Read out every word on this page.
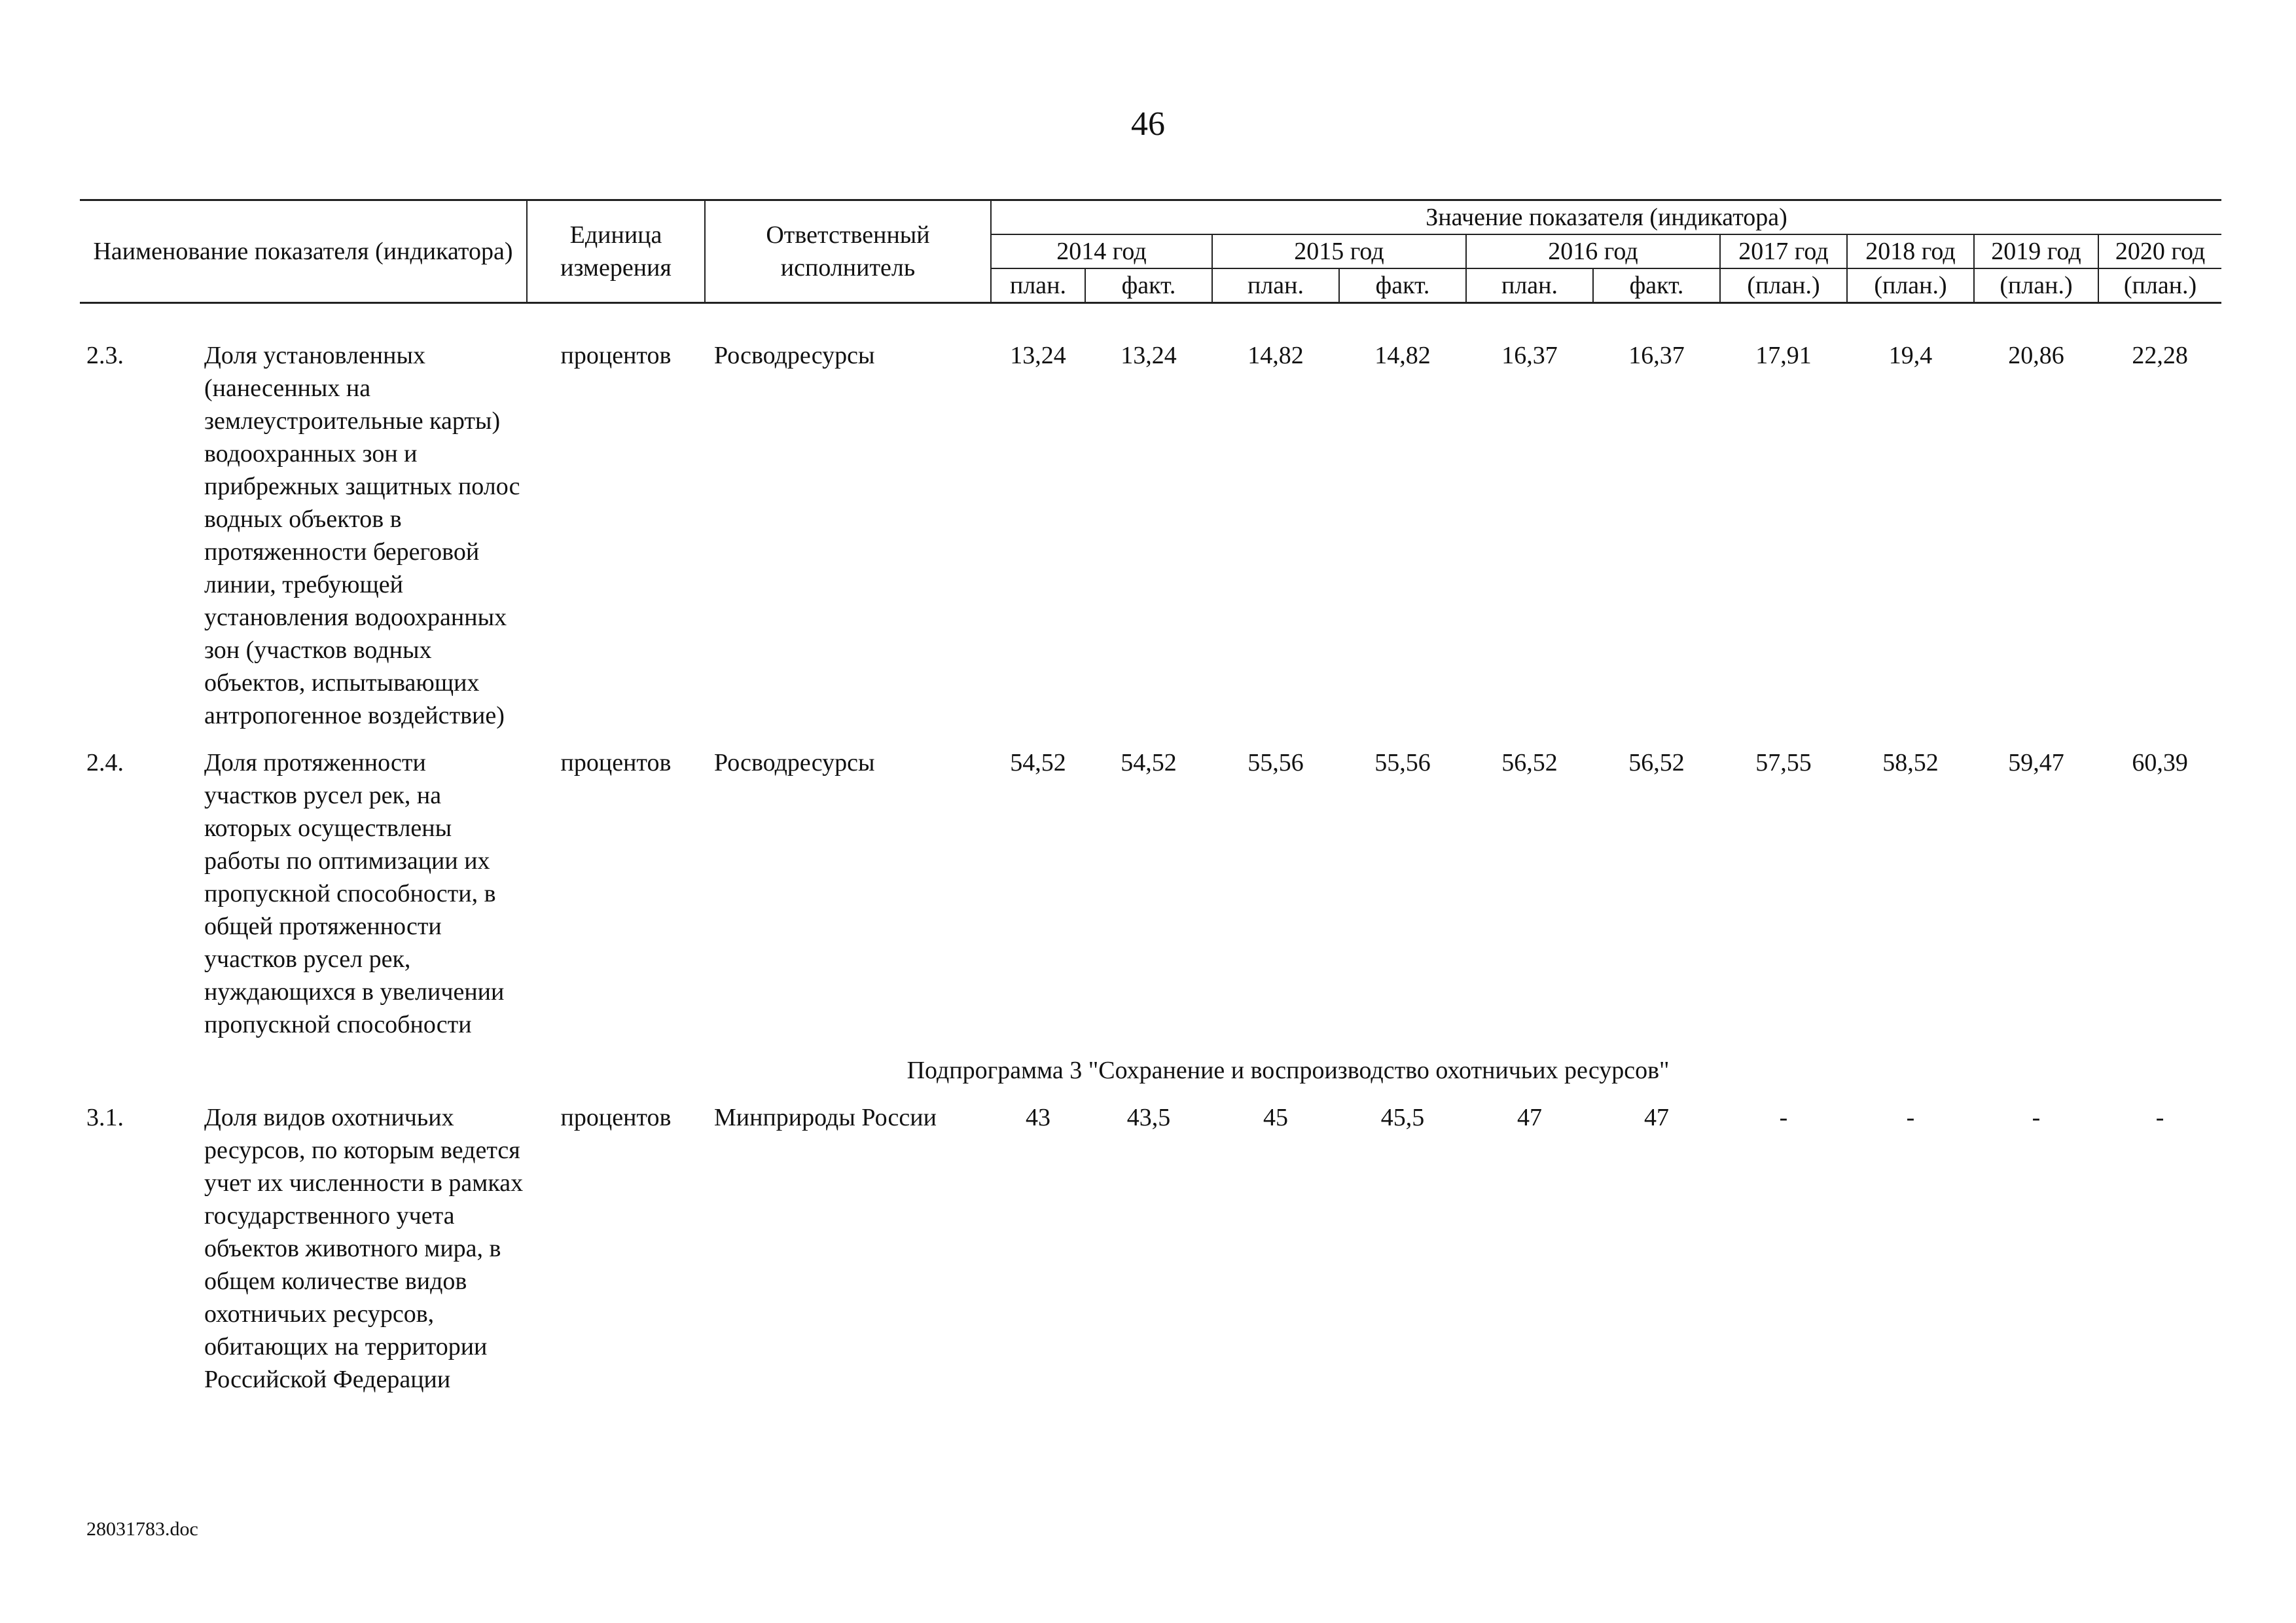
46
Наименование показателя (индикатора)		Единица измерения	Ответственный исполнитель	Значение показателя (индикатора)									
				2014 год		2015 год		2016 год		2017 год	2018 год	2019 год	2020 год
				план.	факт.	план.	факт.	план.	факт.	(план.)	(план.)	(план.)	(план.)

2.3.	Доля установленных (нанесенных на землеустроительные карты) водоохранных зон и прибрежных защитных полос водных объектов в протяженности береговой линии, требующей установления водоохранных зон (участков водных объектов, испытывающих антропогенное воздействие)	процентов	Росводресурсы	13,24	13,24	14,82	14,82	16,37	16,37	17,91	19,4	20,86	22,28

2.4.	Доля протяженности участков русел рек, на которых осуществлены работы по оптимизации их пропускной способности, в общей протяженности участков русел рек, нуждающихся в увеличении пропускной способности	процентов	Росводресурсы	54,52	54,52	55,56	55,56	56,52	56,52	57,55	58,52	59,47	60,39
Подпрограмма 3 "Сохранение и воспроизводство охотничьих ресурсов"													
3.1.	Доля видов охотничьих ресурсов, по которым ведется учет их численности в рамках государственного учета объектов животного мира, в общем количестве видов охотничьих ресурсов, обитающих на территории Российской Федерации	процентов	Минприроды России	43	43,5	45	45,5	47	47	-	-	-	-
28031783.doc
